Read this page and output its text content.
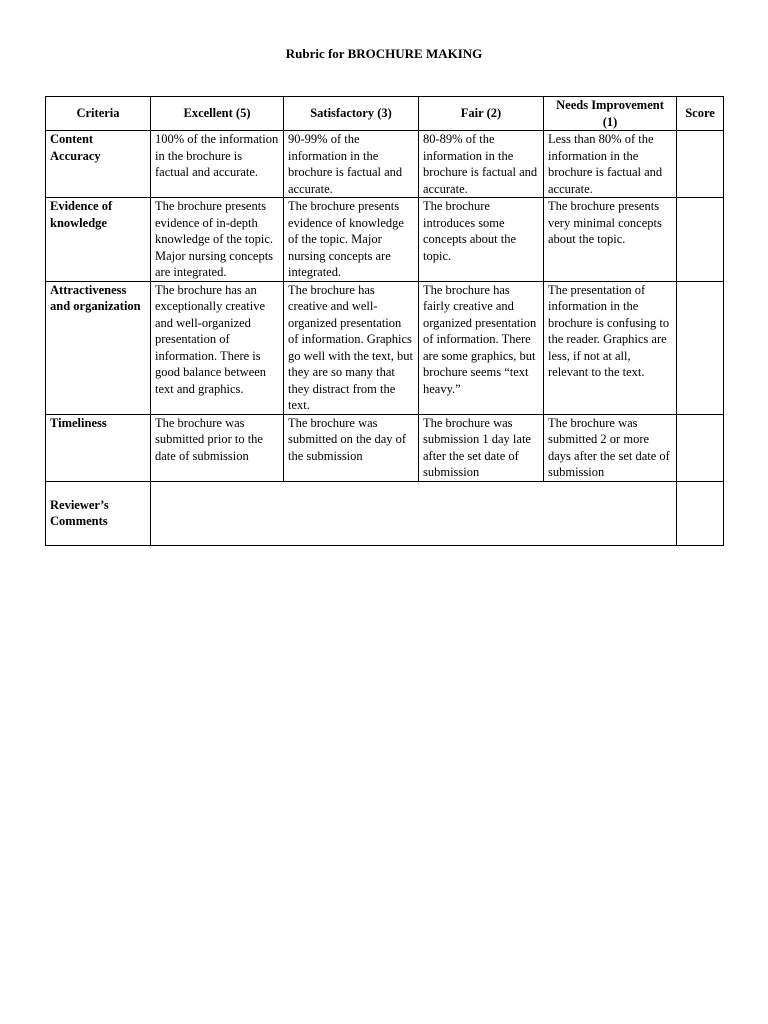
Rubric for BROCHURE MAKING
Criteria	Excellent (5)	Satisfactory (3)	Fair (2)	Needs Improvement (1)	Score
Content Accuracy	100% of the information in the brochure is factual and accurate.	90-99% of the information in the brochure is factual and accurate.	80-89% of the information in the brochure is factual and accurate.	Less than 80% of the information in the brochure is factual and accurate.	
Evidence of knowledge	The brochure presents evidence of in-depth knowledge of the topic. Major nursing concepts are integrated.	The brochure presents evidence of knowledge of the topic. Major nursing concepts are integrated.	The brochure introduces some concepts about the topic.	The brochure presents very minimal concepts about the topic.	
Attractiveness and organization	The brochure has an exceptionally creative and well-organized presentation of information. There is good balance between text and graphics.	The brochure has creative and well-organized presentation of information. Graphics go well with the text, but they are so many that they distract from the text.	The brochure has fairly creative and organized presentation of information. There are some graphics, but brochure seems “text heavy.”	The presentation of information in the brochure is confusing to the reader. Graphics are less, if not at all, relevant to the text.	
Timeliness	The brochure was submitted prior to the date of submission	The brochure was submitted on the day of the submission	The brochure was submission 1 day late after the set date of submission	The brochure was submitted 2 or more days after the set date of submission	
Reviewer’s Comments					
